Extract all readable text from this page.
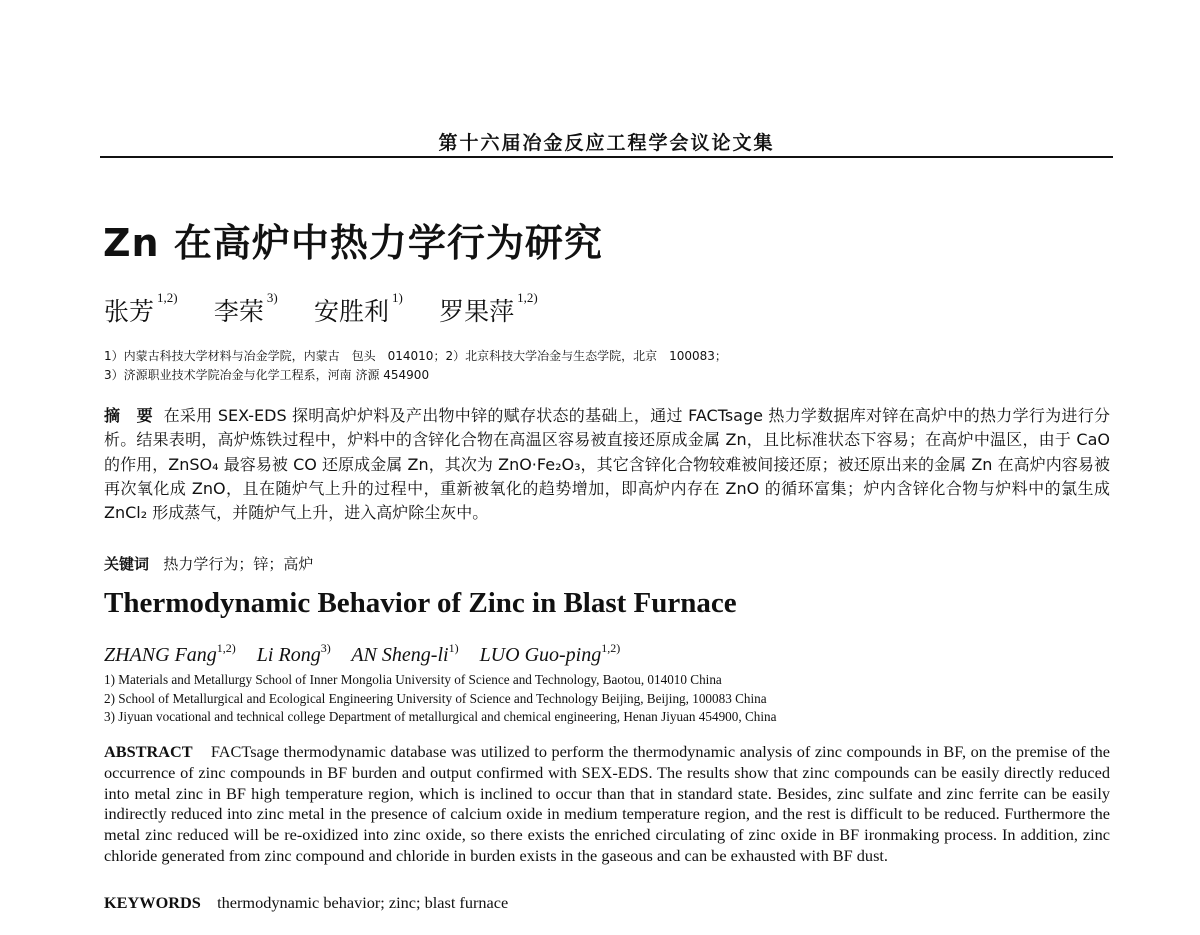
第十六届冶金反应工程学会议论文集
Zn 在高炉中热力学行为研究
张芳$^{1,2)}$ 李荣$^{3)}$ 安胜利$^{1)}$ 罗果萍$^{1,2)}$
1）内蒙古科技大学材料与冶金学院，内蒙古　包头　014010；2）北京科技大学冶金与生态学院，北京　100083；
3）济源职业技术学院冶金与化学工程系，河南 济源 454900
摘　要 在采用 SEX-EDS 探明高炉炉料及产出物中锌的赋存状态的基础上，通过 FACTsage 热力学数据库对锌在高炉中的热力学行为进行分析。结果表明，高炉炼铁过程中，炉料中的含锌化合物在高温区容易被直接还原成金属 Zn，且比标准状态下容易；在高炉中温区，由于 CaO 的作用，ZnSO₄ 最容易被 CO 还原成金属 Zn，其次为 ZnO·Fe₂O₃，其它含锌化合物较难被间接还原；被还原出来的金属 Zn 在高炉内容易被再次氧化成 ZnO，且在随炉气上升的过程中，重新被氧化的趋势增加，即高炉内存在 ZnO 的循环富集；炉内含锌化合物与炉料中的氯生成 ZnCl₂ 形成蒸气，并随炉气上升，进入高炉除尘灰中。
关键词 热力学行为；锌；高炉
Thermodynamic Behavior of Zinc in Blast Furnace
ZHANG Fang$^{1,2)}$ Li Rong$^{3)}$ AN Sheng-$li^{1)}$ LUO Guo-ping$^{1,2)}$
1) Materials and Metallurgy School of Inner Mongolia University of Science and Technology, Baotou, 014010 China
2) School of Metallurgical and Ecological Engineering University of Science and Technology Beijing, Beijing, 100083 China
3) Jiyuan vocational and technical college Department of metallurgical and chemical engineering, Henan Jiyuan 454900, China
ABSTRACT FACTsage thermodynamic database was utilized to perform the thermodynamic analysis of zinc compounds in BF, on the premise of the occurrence of zinc compounds in BF burden and output confirmed with SEX-EDS. The results show that zinc compounds can be easily directly reduced into metal zinc in BF high temperature region, which is inclined to occur than that in standard state. Besides, zinc sulfate and zinc ferrite can be easily indirectly reduced into zinc metal in the presence of calcium oxide in medium temperature region, and the rest is difficult to be reduced. Furthermore the metal zinc reduced will be re-oxidized into zinc oxide, so there exists the enriched circulating of zinc oxide in BF ironmaking process. In addition, zinc chloride generated from zinc compound and chloride in burden exists in the gaseous and can be exhausted with BF dust.
KEYWORDS thermodynamic behavior; zinc; blast furnace
